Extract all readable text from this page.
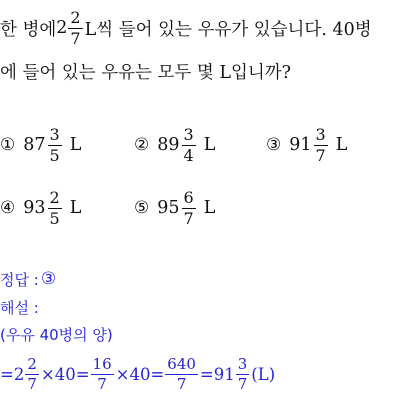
한 병에 $2 \frac{2}{7}$ L씩 들어 있는 우유가 있습니다. 40병
에 들어 있는 우유는 모두 몇 L입니까?
① $87 \frac{3}{5}$ L	② $89 \frac{3}{4}$ L	③ $91 \frac{3}{7}$ L
④ $93 \frac{2}{5}$ L	⑤ $95 \frac{6}{7}$ L
정답 : ③
해설 :
(우유 40병의 양)
$=2 \frac{2}{7} \times 40= \frac{16}{7} \times 40= \frac{640}{7} =91 \frac{3}{7} (L)$
